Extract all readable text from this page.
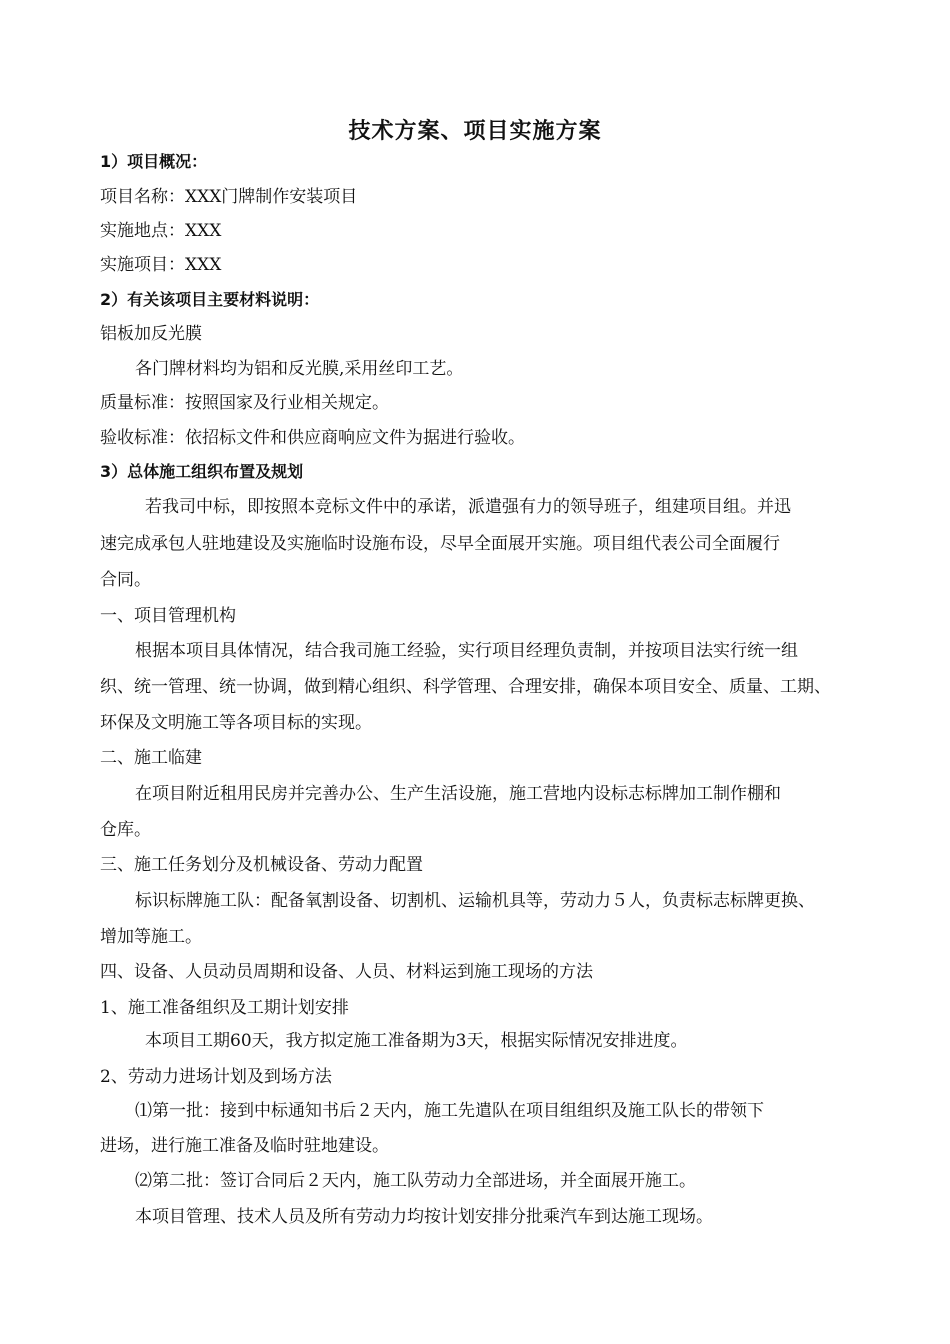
技术方案、项目实施方案
1）项目概况：
项目名称：XXX门牌制作安装项目
实施地点：XXX
实施项目：XXX
2）有关该项目主要材料说明：
铝板加反光膜
各门牌材料均为铝和反光膜,采用丝印工艺。
质量标准：按照国家及行业相关规定。
验收标准：依招标文件和供应商响应文件为据进行验收。
3）总体施工组织布置及规划
若我司中标，即按照本竞标文件中的承诺，派遣强有力的领导班子，组建项目组。并迅
速完成承包人驻地建设及实施临时设施布设，尽早全面展开实施。项目组代表公司全面履行
合同。
一、项目管理机构
根据本项目具体情况，结合我司施工经验，实行项目经理负责制，并按项目法实行统一组
织、统一管理、统一协调，做到精心组织、科学管理、合理安排，确保本项目安全、质量、工期、
环保及文明施工等各项目标的实现。
二、施工临建
在项目附近租用民房并完善办公、生产生活设施，施工营地内设标志标牌加工制作棚和
仓库。
三、施工任务划分及机械设备、劳动力配置
标识标牌施工队：配备氧割设备、切割机、运输机具等，劳动力５人，负责标志标牌更换、
增加等施工。
四、设备、人员动员周期和设备、人员、材料运到施工现场的方法
1、施工准备组织及工期计划安排
本项目工期60天，我方拟定施工准备期为3天，根据实际情况安排进度。
2、劳动力进场计划及到场方法
⑴第一批：接到中标通知书后２天内，施工先遣队在项目组组织及施工队长的带领下
进场，进行施工准备及临时驻地建设。
⑵第二批：签订合同后２天内，施工队劳动力全部进场，并全面展开施工。
本项目管理、技术人员及所有劳动力均按计划安排分批乘汽车到达施工现场。
